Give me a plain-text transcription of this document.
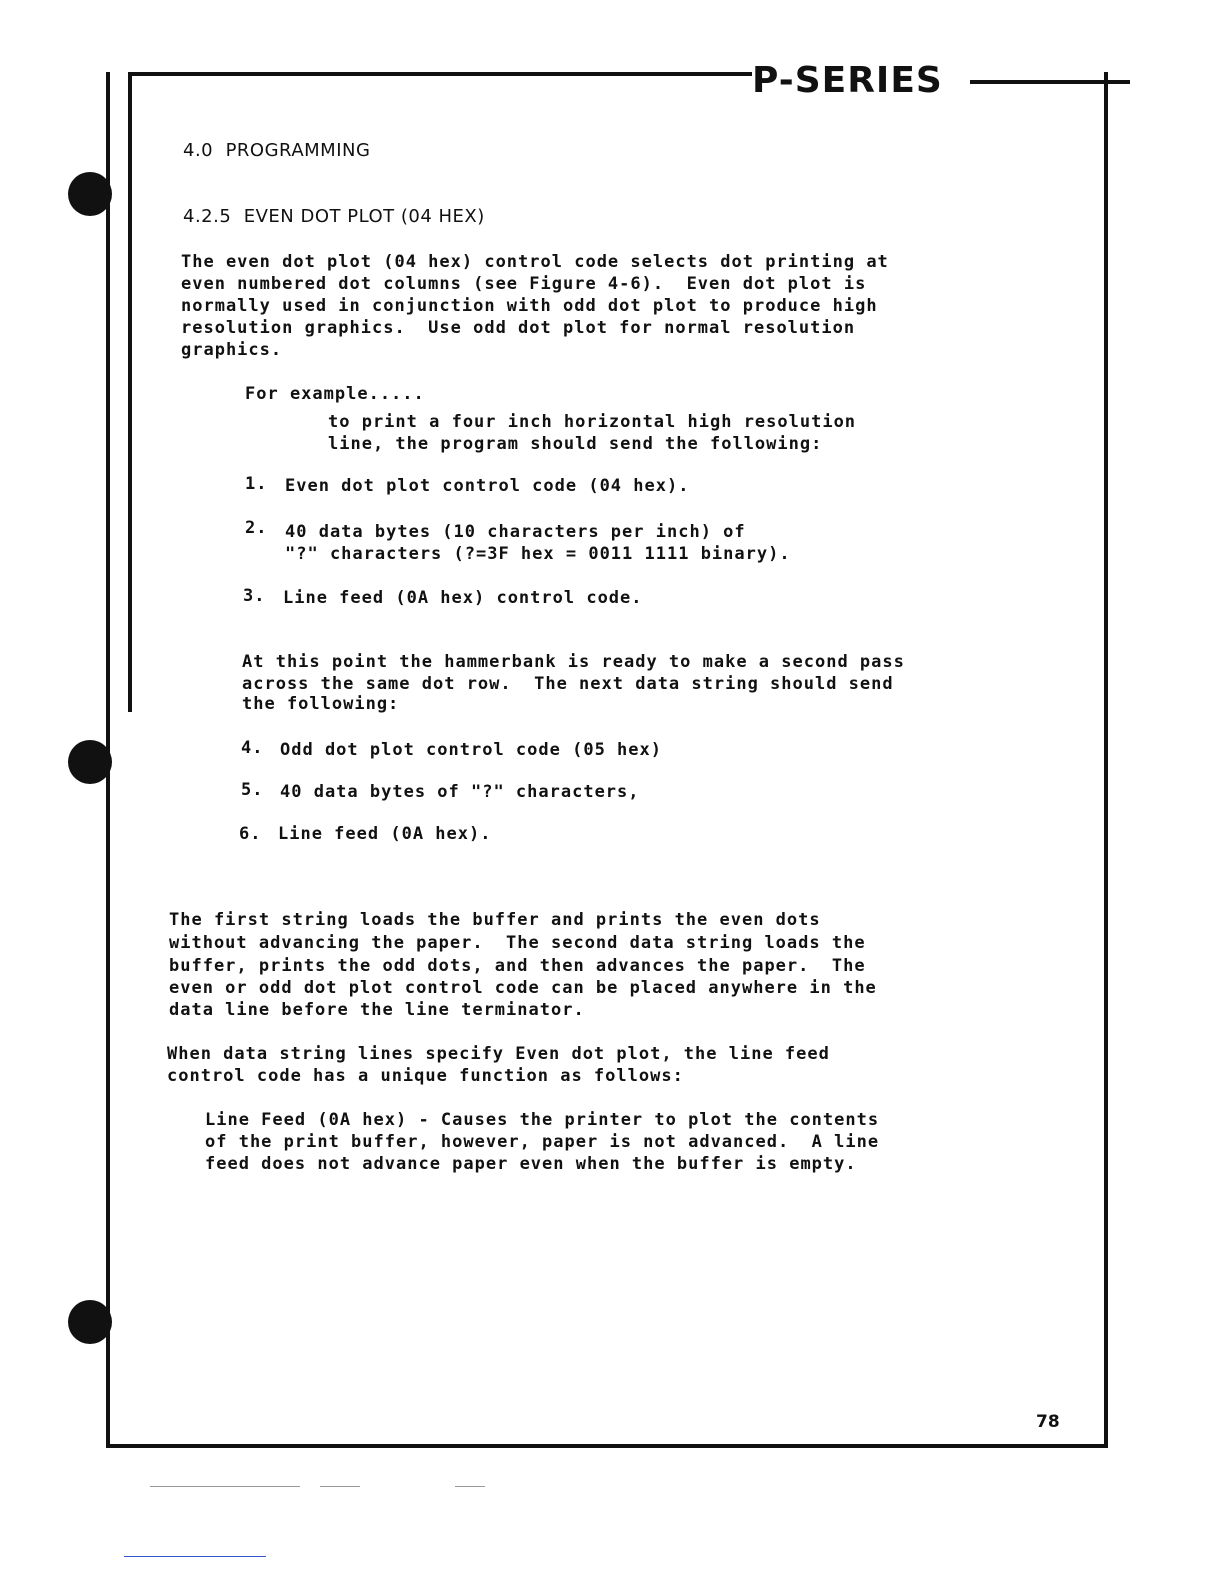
P-SERIES
4.0  PROGRAMMING
4.2.5  EVEN DOT PLOT (04 HEX)
The even dot plot (04 hex) control code selects dot printing at
even numbered dot columns (see Figure 4-6).  Even dot plot is
normally used in conjunction with odd dot plot to produce high
resolution graphics.  Use odd dot plot for normal resolution
graphics.
For example.....
to print a four inch horizontal high resolution
line, the program should send the following:
1. Even dot plot control code (04 hex).
2. 40 data bytes (10 characters per inch) of
"?" characters (?=3F hex = 0011 1111 binary).
3. Line feed (0A hex) control code.
At this point the hammerbank is ready to make a second pass
across the same dot row.  The next data string should send
the following:
4. Odd dot plot control code (05 hex)
5. 40 data bytes of "?" characters,
6. Line feed (0A hex).
The first string loads the buffer and prints the even dots
without advancing the paper.  The second data string loads the
buffer, prints the odd dots, and then advances the paper.  The
even or odd dot plot control code can be placed anywhere in the
data line before the line terminator.
When data string lines specify Even dot plot, the line feed
control code has a unique function as follows:
Line Feed (0A hex) - Causes the printer to plot the contents
of the print buffer, however, paper is not advanced.  A line
feed does not advance paper even when the buffer is empty.
78
